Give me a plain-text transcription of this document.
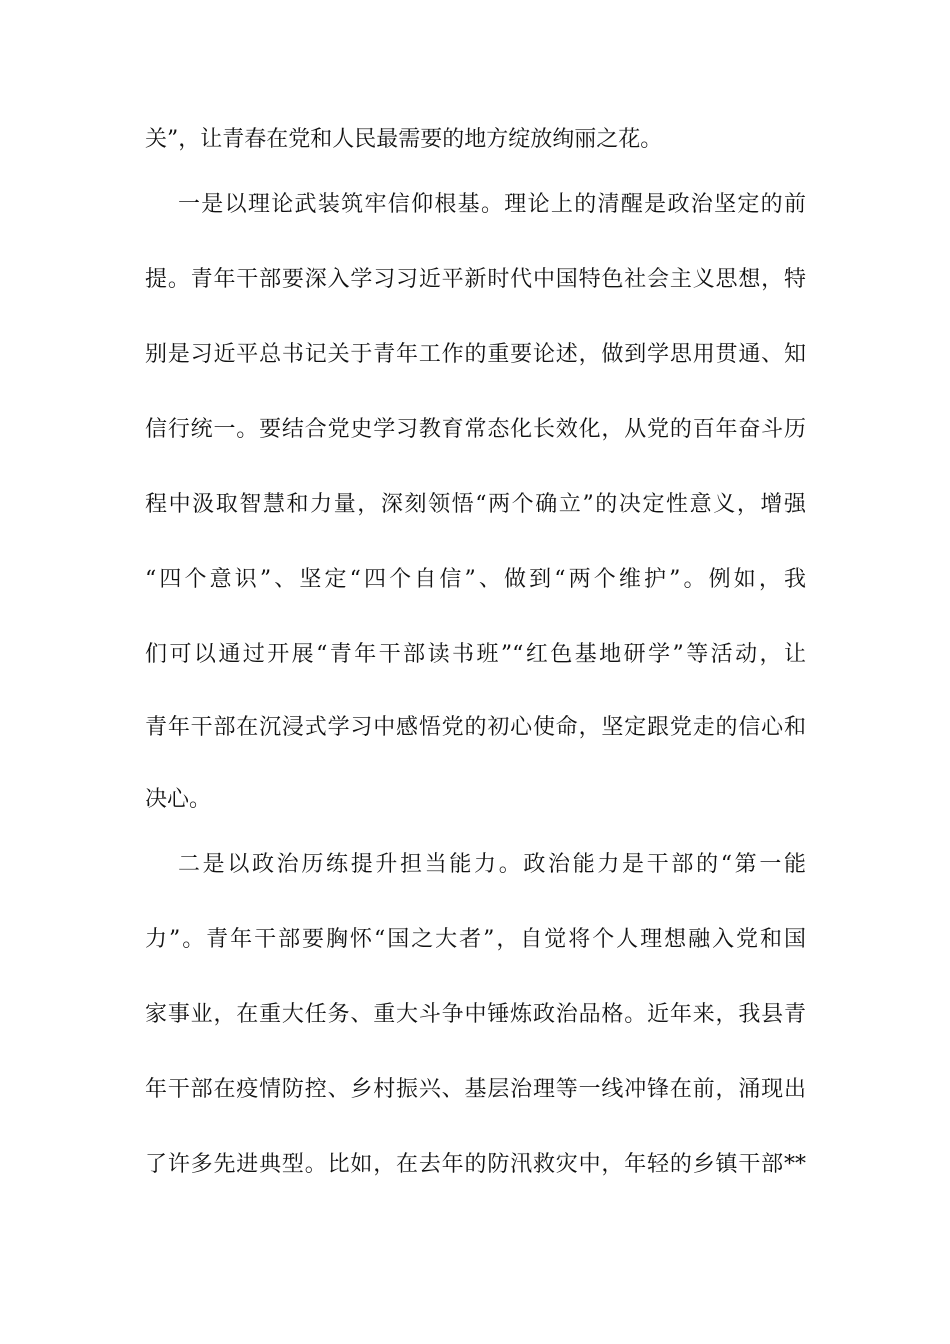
关”，让青春在党和人民最需要的地方绽放绚丽之花。
一是以理论武装筑牢信仰根基。理论上的清醒是政治坚定的前
提。青年干部要深入学习习近平新时代中国特色社会主义思想，特
别是习近平总书记关于青年工作的重要论述，做到学思用贯通、知
信行统一。要结合党史学习教育常态化长效化，从党的百年奋斗历
程中汲取智慧和力量，深刻领悟“两个确立”的决定性意义，增强
“四个意识”、坚定“四个自信”、做到“两个维护”。例如，我
们可以通过开展“青年干部读书班”“红色基地研学”等活动，让
青年干部在沉浸式学习中感悟党的初心使命，坚定跟党走的信心和
决心。
二是以政治历练提升担当能力。政治能力是干部的“第一能
力”。青年干部要胸怀“国之大者”，自觉将个人理想融入党和国
家事业，在重大任务、重大斗争中锤炼政治品格。近年来，我县青
年干部在疫情防控、乡村振兴、基层治理等一线冲锋在前，涌现出
了许多先进典型。比如，在去年的防汛救灾中，年轻的乡镇干部**
